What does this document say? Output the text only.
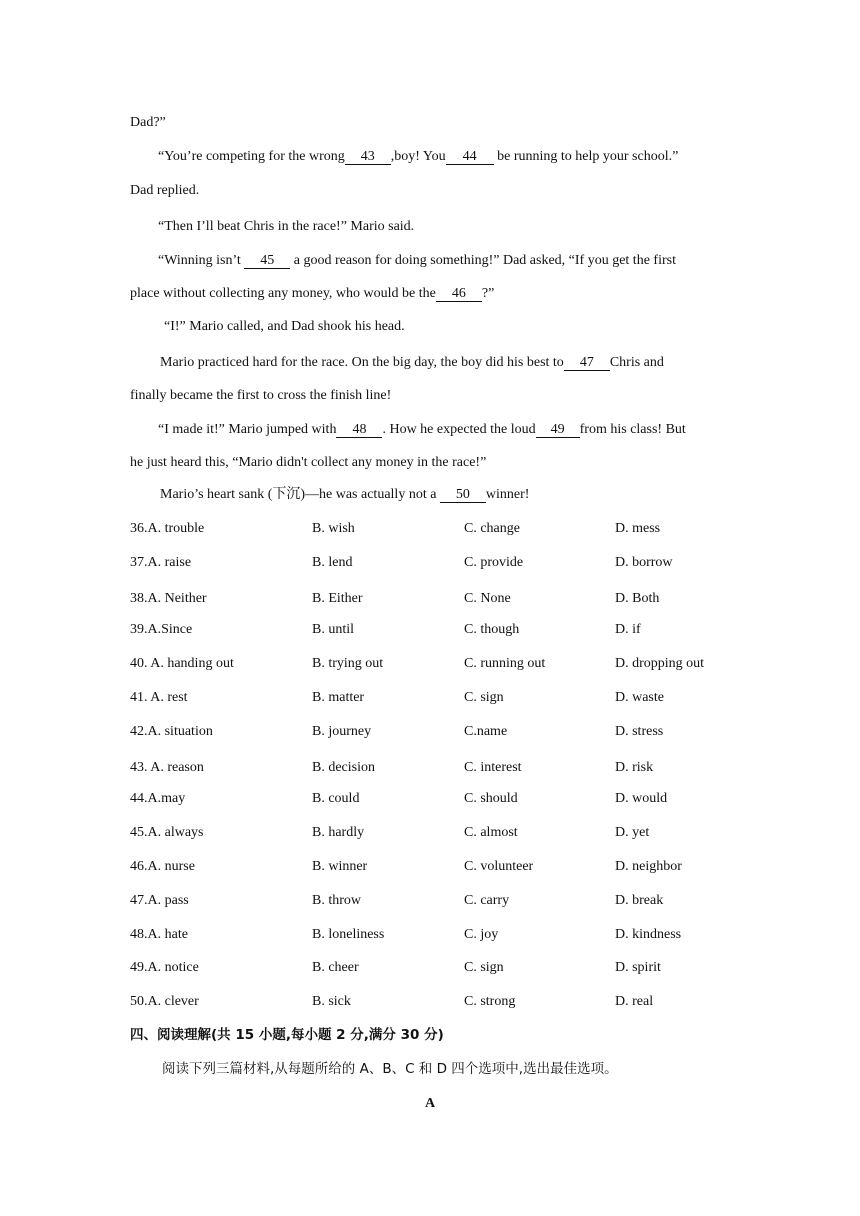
Dad?”
“You’re competing for the wrong 43 ,boy! You 44 be running to help your school.”
Dad replied.
“Then I’ll beat Chris in the race!” Mario said.
“Winning isn’t 45 a good reason for doing something!” Dad asked, “If you get the first
place without collecting any money, who would be the 46 ?”
“I!” Mario called, and Dad shook his head.
Mario practiced hard for the race. On the big day, the boy did his best to 47 Chris and
finally became the first to cross the finish line!
“I made it!” Mario jumped with 48 . How he expected the loud 49 from his class! But
he just heard this, “Mario didn't collect any money in the race!”
Mario’s heart sank (下沉)—he was actually not a 50 winner!
36.A. trouble	B. wish	C. change	D. mess
37.A. raise	B. lend	C. provide	D. borrow
38.A. Neither	B. Either	C. None	D. Both
39.A.Since	B. until	C. though	D. if
40. A. handing out	B. trying out	C. running out	D. dropping out
41. A. rest	B. matter	C. sign	D. waste
42.A. situation	B. journey	C.name	D. stress
43. A. reason	B. decision	C. interest	D. risk
44.A.may	B. could	C. should	D. would
45.A. always	B. hardly	C. almost	D. yet
46.A. nurse	B. winner	C. volunteer	D. neighbor
47.A. pass	B. throw	C. carry	D. break
48.A. hate	B. loneliness	C. joy	D. kindness
49.A. notice	B. cheer	C. sign	D. spirit
50.A. clever	B. sick	C. strong	D. real
四、阅读理解(共 15 小题,每小题 2 分,满分 30 分)
阅读下列三篇材料,从每题所给的 A、B、C 和 D 四个选项中,选出最佳选项。
A
